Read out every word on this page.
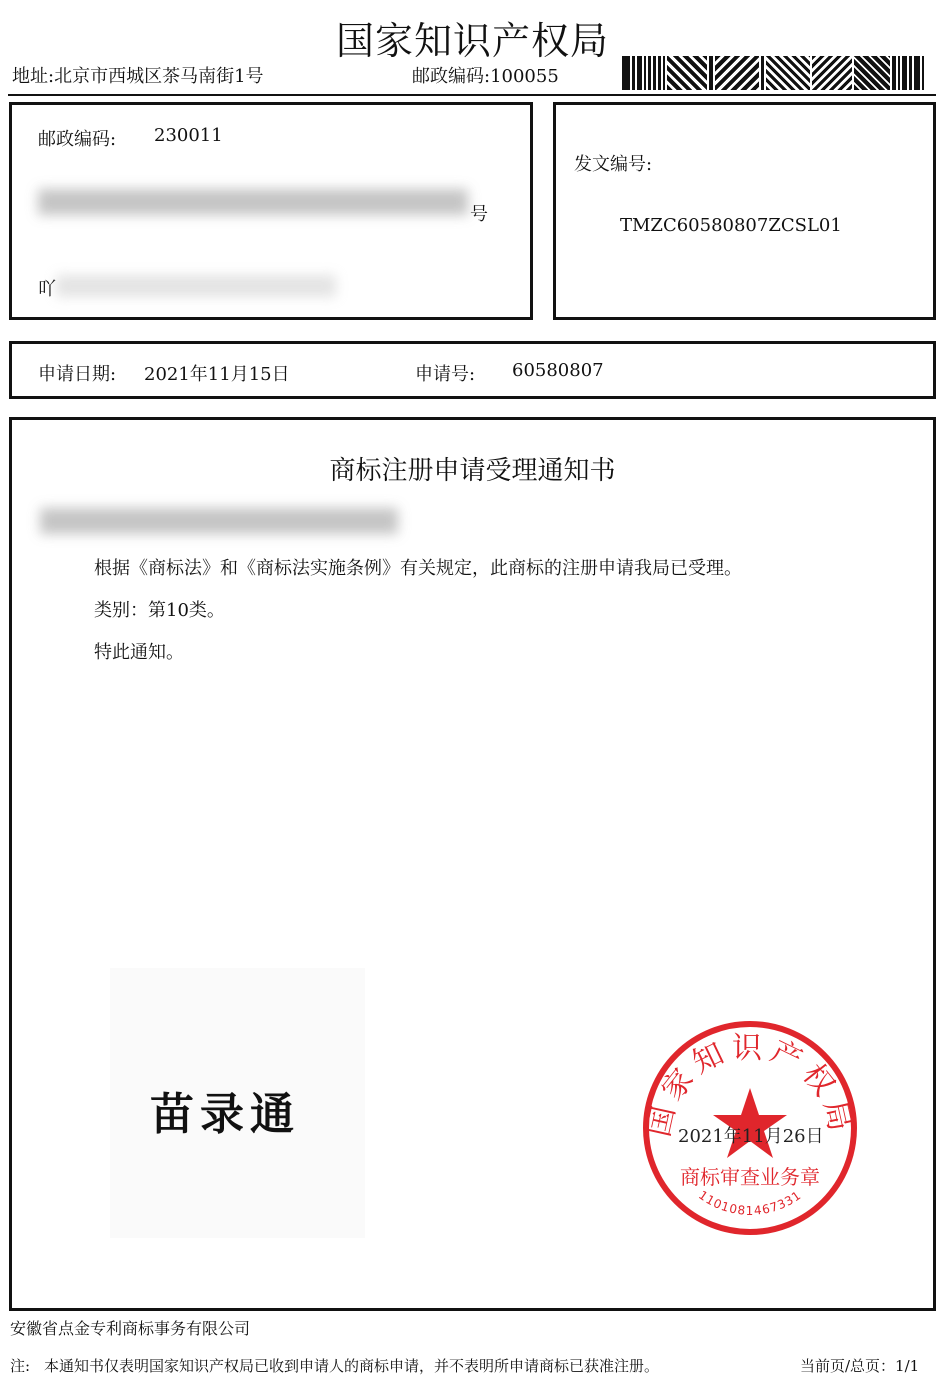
国家知识产权局
地址:北京市西城区茶马南街1号	邮政编码:100055
邮政编码: 230011
号
吖
发文编号:
TMZC60580807ZCSL01
申请日期: 2021年11月15日	申请号: 60580807
商标注册申请受理通知书
根据《商标法》和《商标法实施条例》有关规定，此商标的注册申请我局已受理。
类别：第10类。
特此通知。
苗录通	国家知识产权局
商标审查业务章
1101081467331
2021年11月26日
安徽省点金专利商标事务有限公司
注: 本通知书仅表明国家知识产权局已收到申请人的商标申请，并不表明所申请商标已获准注册。	当前页/总页：1/1
